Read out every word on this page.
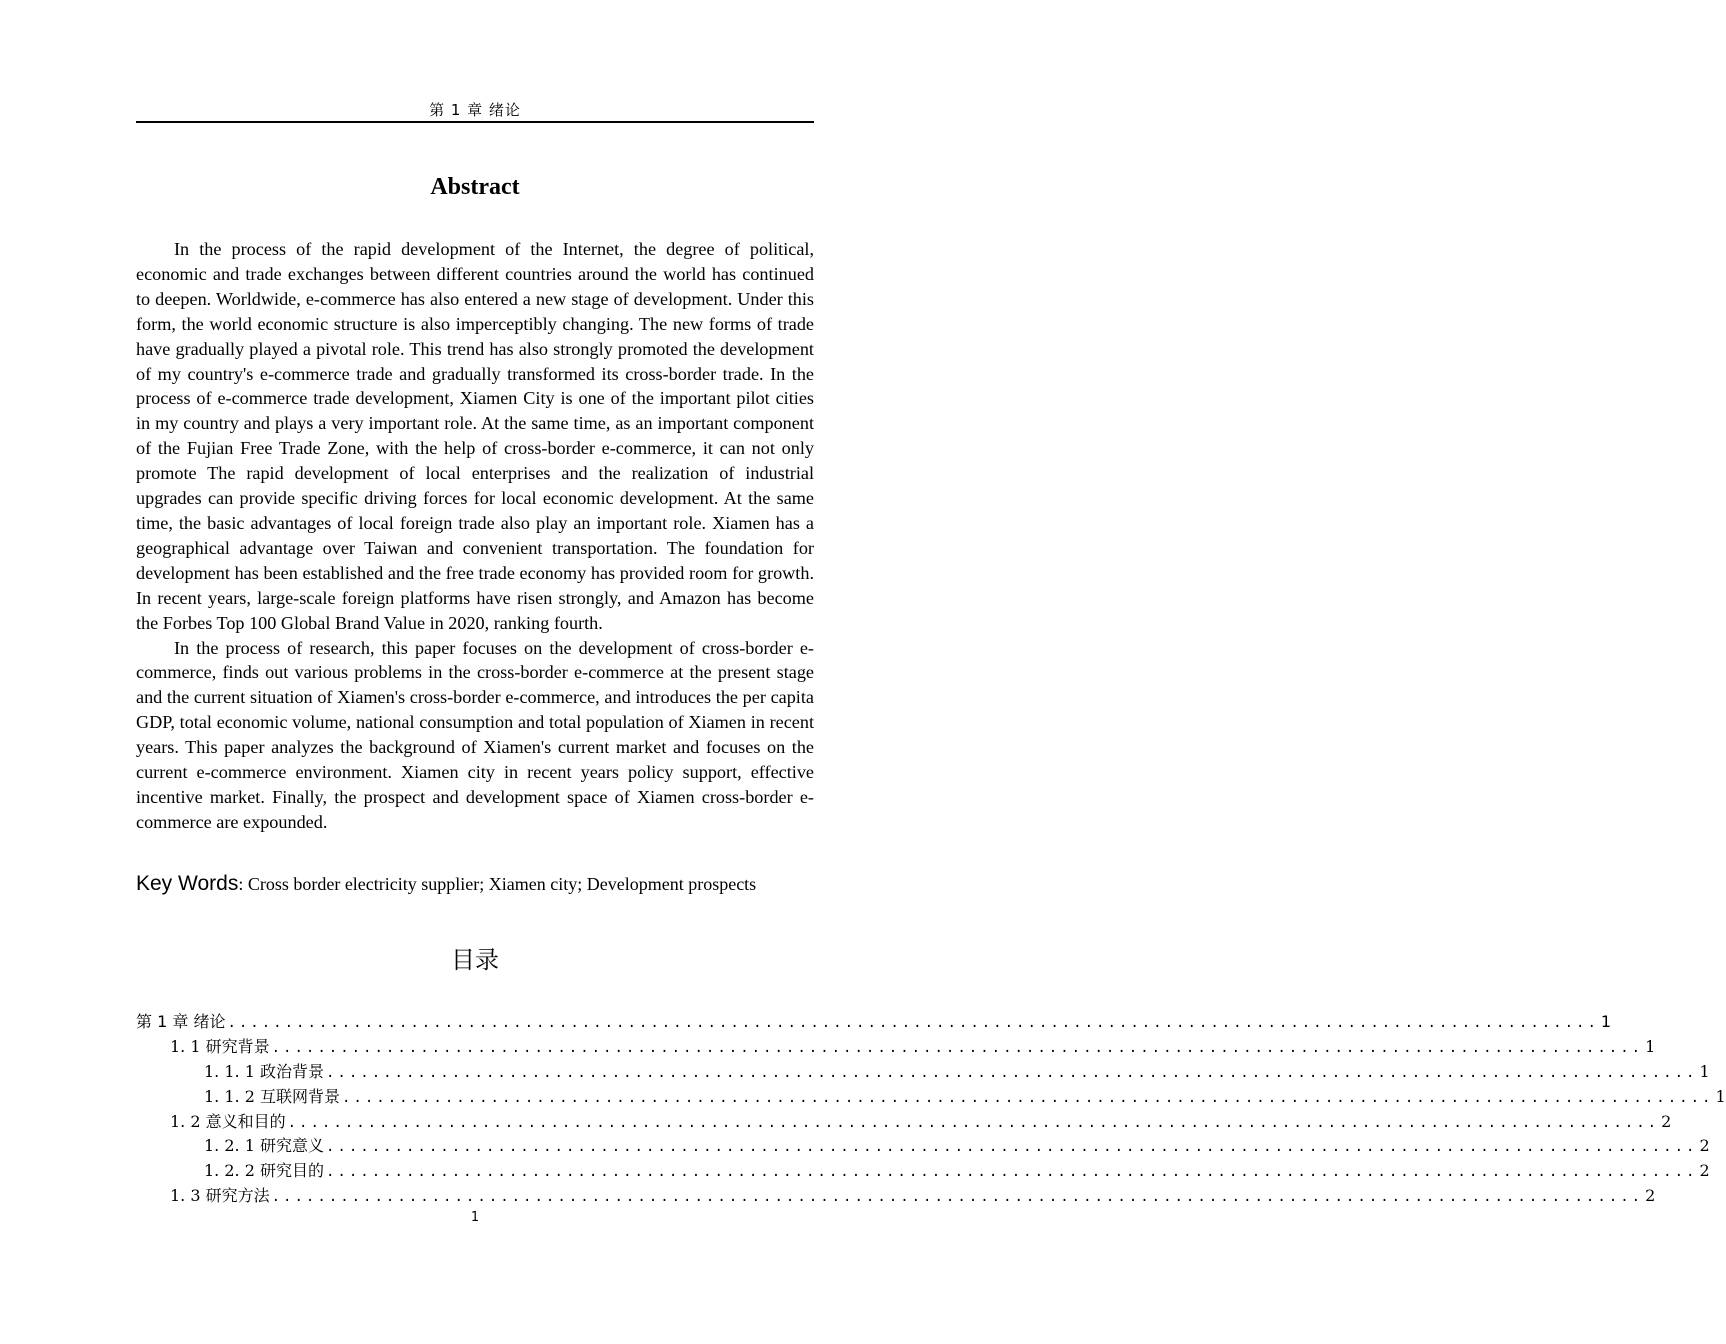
第 1 章 绪论
Abstract

In the process of the rapid development of the Internet, the degree of political, economic and trade exchanges between different countries around the world has continued to deepen. Worldwide, e-commerce has also entered a new stage of development. Under this form, the world economic structure is also imperceptibly changing. The new forms of trade have gradually played a pivotal role. This trend has also strongly promoted the development of my country's e-commerce trade and gradually transformed its cross-border trade. In the process of e-commerce trade development, Xiamen City is one of the important pilot cities in my country and plays a very important role. At the same time, as an important component of the Fujian Free Trade Zone, with the help of cross-border e-commerce, it can not only promote The rapid development of local enterprises and the realization of industrial upgrades can provide specific driving forces for local economic development. At the same time, the basic advantages of local foreign trade also play an important role. Xiamen has a geographical advantage over Taiwan and convenient transportation. The foundation for development has been established and the free trade economy has provided room for growth. In recent years, large-scale foreign platforms have risen strongly, and Amazon has become the Forbes Top 100 Global Brand Value in 2020, ranking fourth.

In the process of research, this paper focuses on the development of cross-border e-commerce, finds out various problems in the cross-border e-commerce at the present stage and the current situation of Xiamen's cross-border e-commerce, and introduces the per capita GDP, total economic volume, national consumption and total population of Xiamen in recent years. This paper analyzes the background of Xiamen's current market and focuses on the current e-commerce environment. Xiamen city in recent years policy support, effective incentive market. Finally, the prospect and development space of Xiamen cross-border e-commerce are expounded.

Key Words: Cross border electricity supplier; Xiamen city; Development prospects
目录
第 1 章 绪论 ........................................................................................................................ 1
1. 1 研究背景 ........................................................................................................................ 1
1. 1. 1 政治背景 ........................................................................................................................ 1
1. 1. 2 互联网背景 ........................................................................................................................ 1
1. 2 意义和目的 ........................................................................................................................ 2
1. 2. 1 研究意义 ........................................................................................................................ 2
1. 2. 2 研究目的 ........................................................................................................................ 2
1. 3 研究方法 ........................................................................................................................ 2
1
